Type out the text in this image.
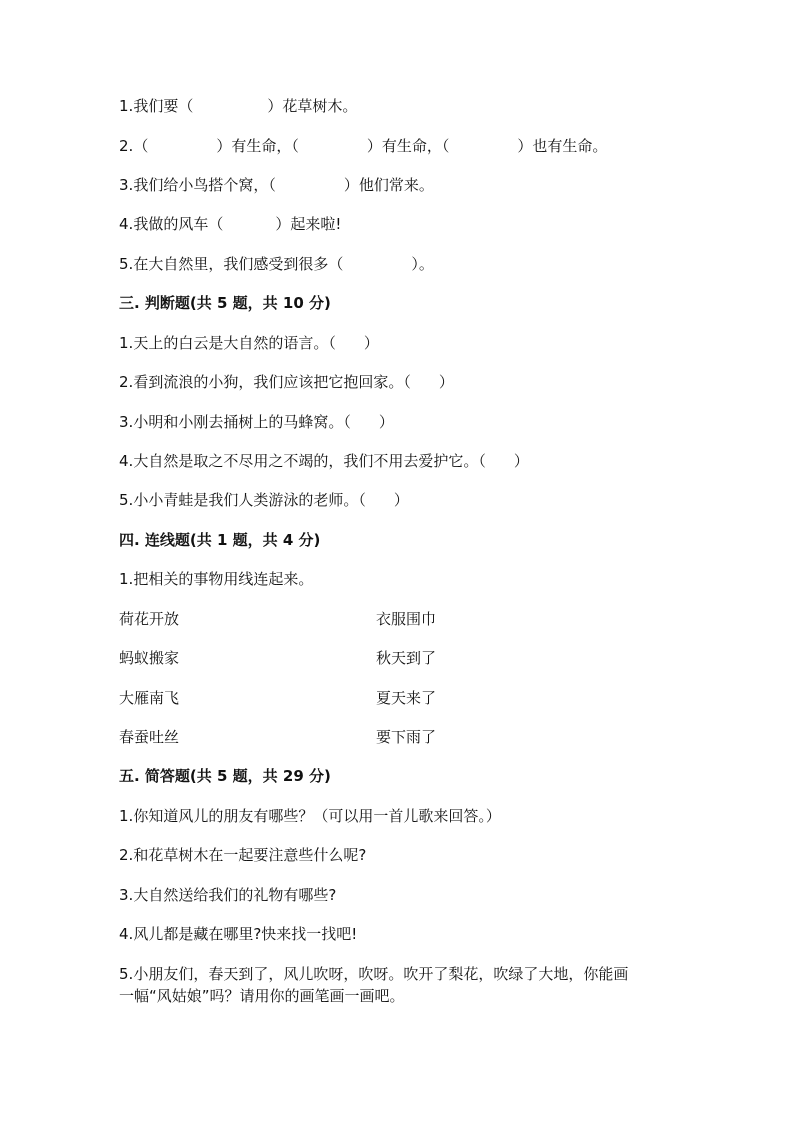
1.我们要（	）花草树木。
2.（	）有生命，（	）有生命，（	）也有生命。
3.我们给小鸟搭个窝，（	）他们常来。
4.我做的风车（	）起来啦!
5.在大自然里，我们感受到很多（	）。
三. 判断题(共 5 题，共 10 分)
1.天上的白云是大自然的语言。（ ）
2.看到流浪的小狗，我们应该把它抱回家。（ ）
3.小明和小刚去捅树上的马蜂窝。（ ）
4.大自然是取之不尽用之不竭的，我们不用去爱护它。（ ）
5.小小青蛙是我们人类游泳的老师。（ ）
四. 连线题(共 1 题，共 4 分)
1.把相关的事物用线连起来。
荷花开放	衣服围巾
蚂蚁搬家	秋天到了
大雁南飞	夏天来了
春蚕吐丝	要下雨了
五. 简答题(共 5 题，共 29 分)
1.你知道风儿的朋友有哪些？（可以用一首儿歌来回答。）
2.和花草树木在一起要注意些什么呢?
3.大自然送给我们的礼物有哪些?
4.风儿都是藏在哪里?快来找一找吧!
5.小朋友们，春天到了，风儿吹呀，吹呀。吹开了梨花，吹绿了大地，你能画
一幅“风姑娘”吗？请用你的画笔画一画吧。
